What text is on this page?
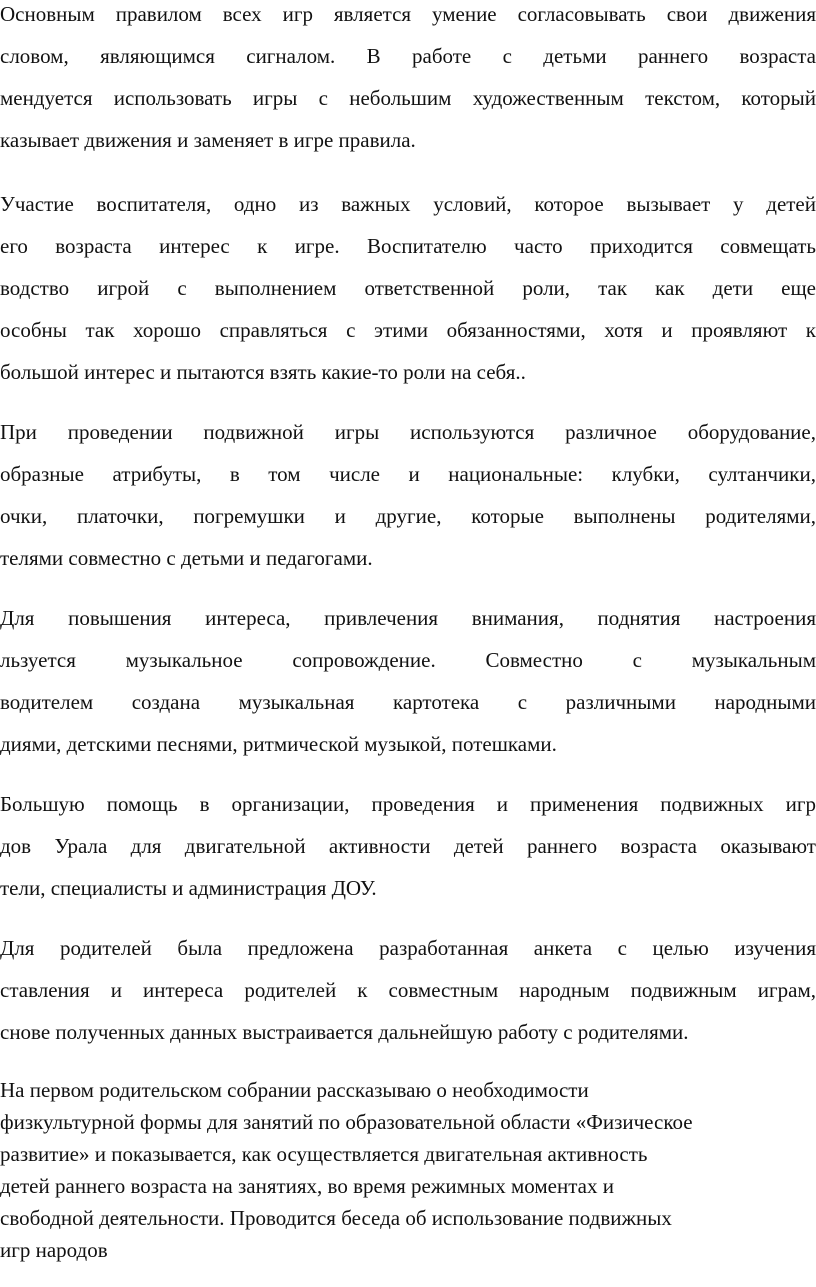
Основным правилом всех игр является умение согласовывать свои движения
словом, являющимся сигналом. В работе с детьми раннего возраста
мендуется использовать игры с небольшим художественным текстом, который
казывает движения и заменяет в игре правила.
Участие воспитателя, одно из важных условий, которое вызывает у детей
его возраста интерес к игре. Воспитателю часто приходится совмещать
водство игрой с выполнением ответственной роли, так как дети еще
особны так хорошо справляться с этими обязанностями, хотя и проявляют к
большой интерес и пытаются взять какие-то роли на себя..
При проведении подвижной игры используются различное оборудование,
образные атрибуты, в том числе и национальные: клубки, султанчики,
очки, платочки, погремушки и другие, которые выполнены родителями,
телями совместно с детьми и педагогами.
Для повышения интереса, привлечения внимания, поднятия настроения
льзуется музыкальное сопровождение. Совместно с музыкальным
водителем создана музыкальная картотека с различными народными
диями, детскими песнями, ритмической музыкой, потешками.
Большую помощь в организации, проведения и применения подвижных игр
дов Урала для двигательной активности детей раннего возраста оказывают
тели, специалисты и администрация ДОУ.
Для родителей была предложена разработанная анкета с целью изучения
ставления и интереса родителей к совместным народным подвижным играм,
снове полученных данных выстраивается дальнейшую работу с родителями.
На первом родительском собрании рассказываю о необходимости
физкультурной формы для занятий по образовательной области «Физическое
развитие» и показывается, как осуществляется двигательная активность
детей раннего возраста на занятиях, во время режимных моментах и
свободной деятельности. Проводится беседа об использование подвижных
игр народов
